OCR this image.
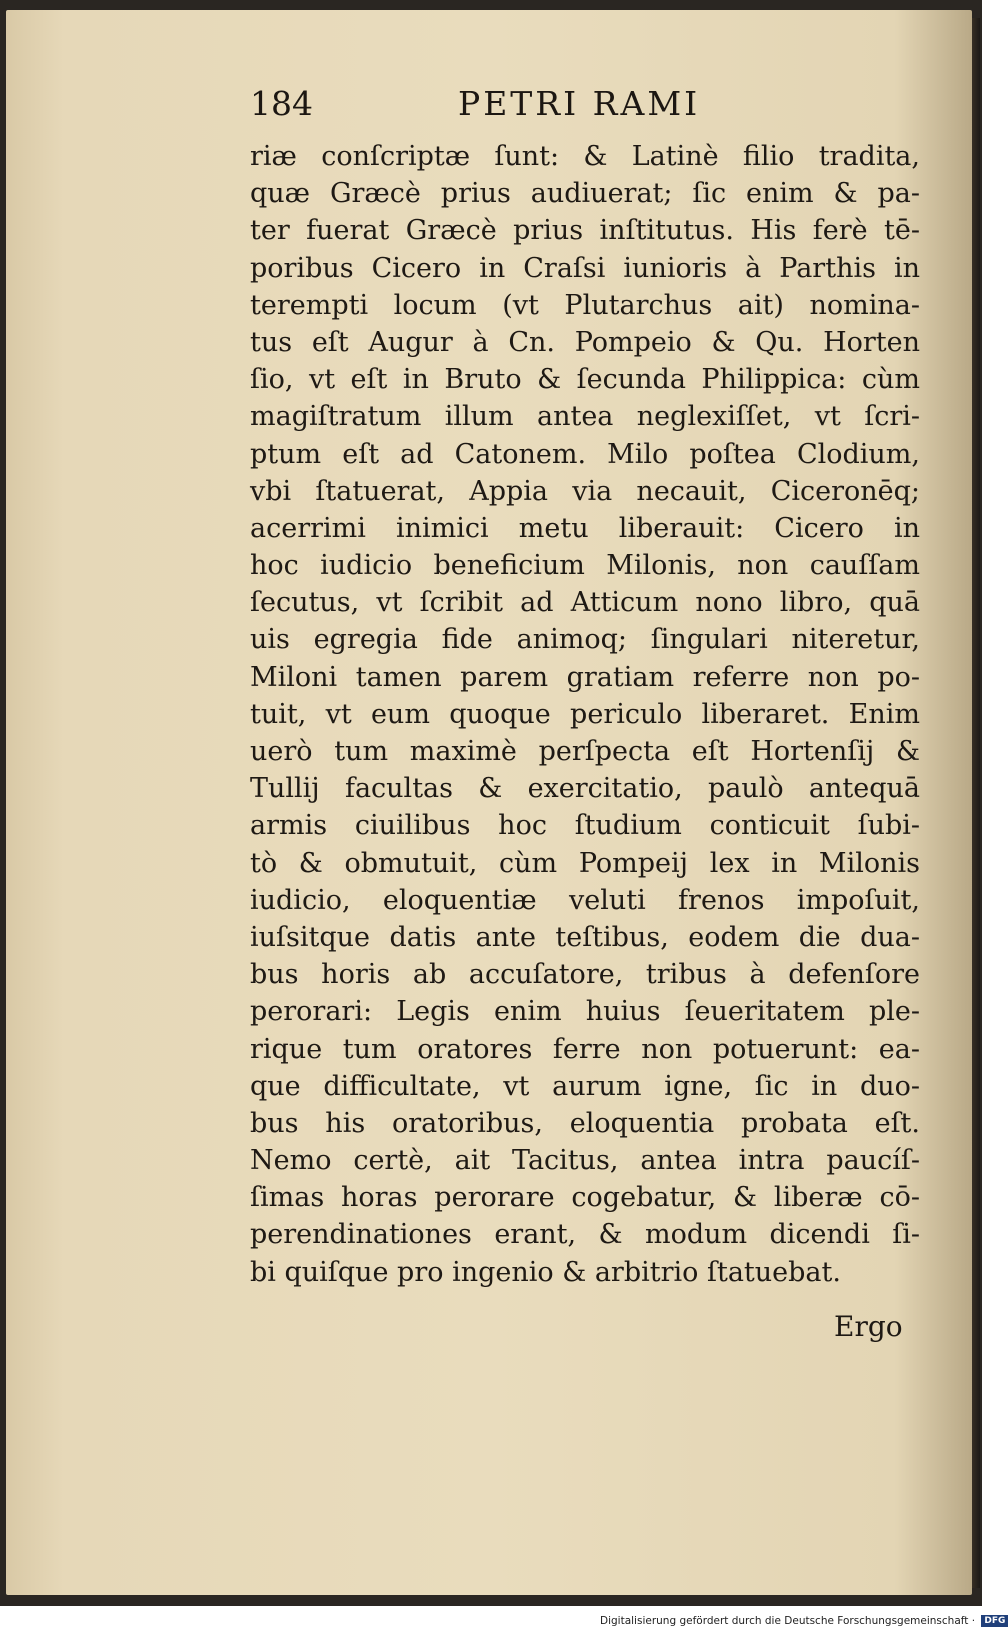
184	PETRI RAMI
riæ conſcriptæ ſunt: & Latinè filio tradita,
quæ Græcè prius audiuerat; ſic enim & pa-
ter fuerat Græcè prius inſtitutus. His ferè tē-
poribus Cicero in Craſsi iunioris à Parthis in
terempti locum (vt Plutarchus ait) nomina-
tus eſt Augur à Cn. Pompeio & Qu. Horten
ſio, vt eſt in Bruto & ſecunda Philippica: cùm
magiſtratum illum antea neglexiſſet, vt ſcri-
ptum eſt ad Catonem. Milo poſtea Clodium,
vbi ſtatuerat, Appia via necauit, Ciceronēq;
acerrimi inimici metu liberauit: Cicero in
hoc iudicio beneficium Milonis, non cauſſam
ſecutus, vt ſcribit ad Atticum nono libro, quā
uis egregia fide animoq; ſingulari niteretur,
Miloni tamen parem gratiam referre non po-
tuit, vt eum quoque periculo liberaret. Enim
uerò tum maximè perſpecta eſt Hortenſij &
Tullij facultas & exercitatio, paulò antequā
armis ciuilibus hoc ſtudium conticuit ſubi-
tò & obmutuit, cùm Pompeij lex in Milonis
iudicio, eloquentiæ veluti frenos impoſuit,
iuſsitque datis ante teſtibus, eodem die dua-
bus horis ab accuſatore, tribus à defenſore
perorari: Legis enim huius ſeueritatem ple-
rique tum oratores ferre non potuerunt: ea-
que difficultate, vt aurum igne, ſic in duo-
bus his oratoribus, eloquentia probata eſt.
Nemo certè, ait Tacitus, antea intra paucíſ-
ſimas horas perorare cogebatur, & liberæ cō-
perendinationes erant, & modum dicendi ſi-
bi quiſque pro ingenio & arbitrio ſtatuebat.
Ergo
Digitalisierung gefördert durch die Deutsche Forschungsgemeinschaft · DFG
